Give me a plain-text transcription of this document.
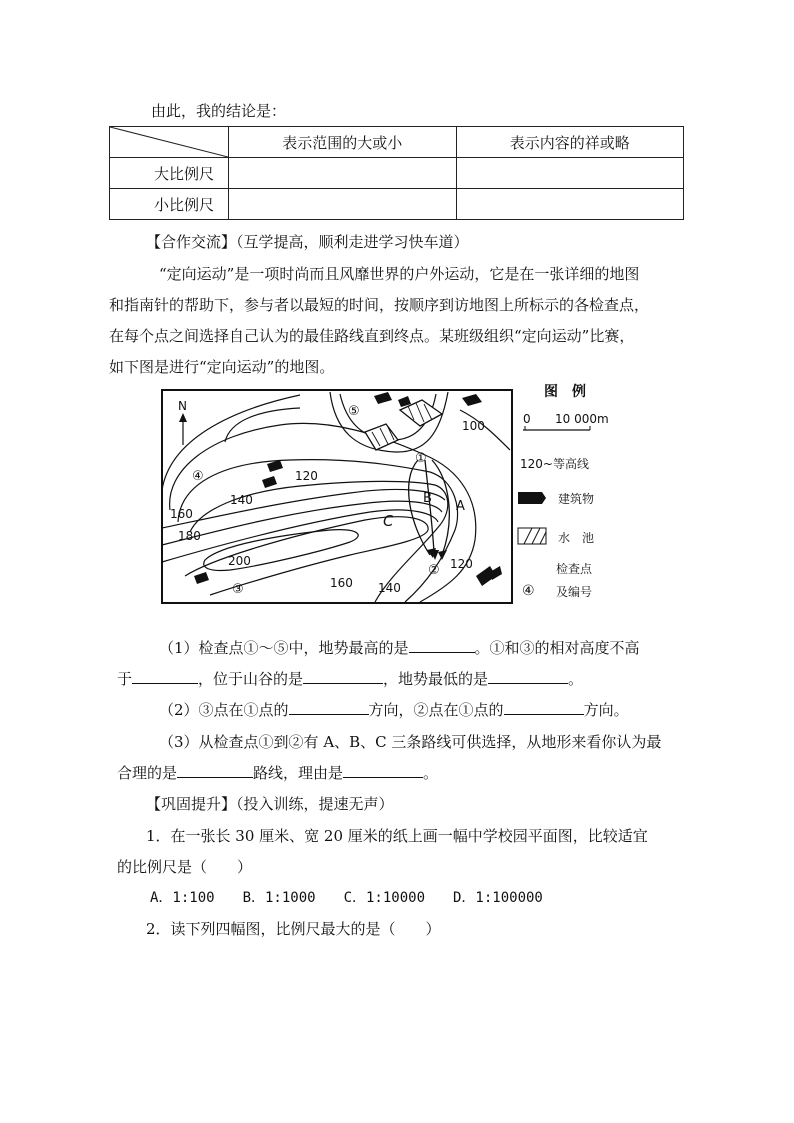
由此，我的结论是：
	表示范围的大或小	表示内容的祥或略
大比例尺		
小比例尺		
【合作交流】（互学提高，顺利走进学习快车道）
“定向运动”是一项时尚而且风靡世界的户外运动，它是在一张详细的地图
和指南针的帮助下，参与者以最短的时间，按顺序到访地图上所标示的各检查点，
在每个点之间选择自己认为的最佳路线直到终点。某班级组织“定向运动”比赛，
如下图是进行“定向运动”的地图。
⑤
①
④
②
③
B
A
C
100
120
120
140
140
160
160
180
200
N
图　例
0 10 000m
120~等高线
建筑物
水　池
④
检查点
及编号
（1）检查点①～⑤中，地势最高的是	。①和③的相对高度不高
于	，位于山谷的是	，地势最低的是	。
（2）③点在①点的	方向，②点在①点的	方向。
（3）从检查点①到②有 A、B、C 三条路线可供选择，从地形来看你认为最
合理的是	路线，理由是	。
【巩固提升】（投入训练，提速无声）
1．在一张长 30 厘米、宽 20 厘米的纸上画一幅中学校园平面图，比较适宜
的比例尺是（　　）
A．1:100　　B．1:1000　　C．1:10000　　D．1:100000
2．读下列四幅图，比例尺最大的是（　　）
